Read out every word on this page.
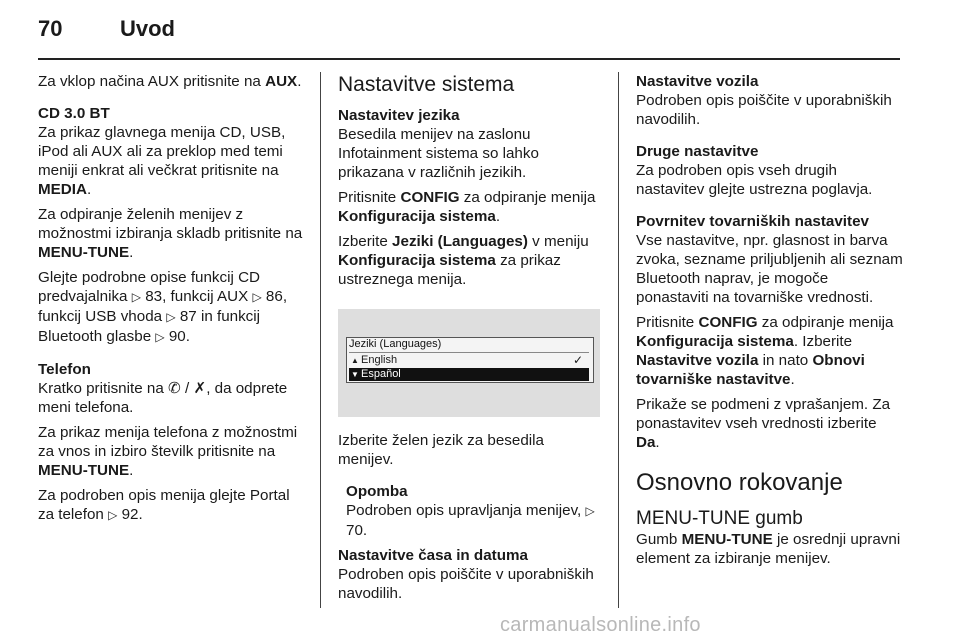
70	Uvod

Za vklop načina AUX pritisnite na AUX.

CD 3.0 BT

Za prikaz glavnega menija CD, USB, iPod ali AUX ali za preklop med temi meniji enkrat ali večkrat pritisnite na MEDIA.

Za odpiranje želenih menijev z možnostmi izbiranja skladb pritisnite na MENU-TUNE.

Glejte podrobne opise funkcij CD predvajalnika ▷ 83, funkcij AUX ▷ 86, funkcij USB vhoda ▷ 87 in funkcij Bluetooth glasbe ▷ 90.

Telefon

Kratko pritisnite na ✆ / ✗, da odprete meni telefona.

Za prikaz menija telefona z možnostmi za vnos in izbiro številk pritisnite na MENU-TUNE.

Za podroben opis menija glejte Portal za telefon ▷ 92.

Nastavitve sistema

Nastavitev jezika

Besedila menijev na zaslonu Infotainment sistema so lahko prikazana v različnih jezikih.

Pritisnite CONFIG za odpiranje menija Konfiguracija sistema.

Izberite Jeziki (Languages) v meniju Konfiguracija sistema za prikaz ustreznega menija.

Jeziki (Languages)
▲ English	✓
▼ Español

Izberite želen jezik za besedila menijev.

Opomba

Podroben opis upravljanja menijev, ▷ 70.

Nastavitve časa in datuma

Podroben opis poiščite v uporabniških navodilih.

Nastavitve vozila

Podroben opis poiščite v uporabniških navodilih.

Druge nastavitve

Za podroben opis vseh drugih nastavitev glejte ustrezna poglavja.

Povrnitev tovarniških nastavitev

Vse nastavitve, npr. glasnost in barva zvoka, sezname priljubljenih ali seznam Bluetooth naprav, je mogoče ponastaviti na tovarniške vrednosti.

Pritisnite CONFIG za odpiranje menija Konfiguracija sistema. Izberite Nastavitve vozila in nato Obnovi tovarniške nastavitve.

Prikaže se podmeni z vprašanjem. Za ponastavitev vseh vrednosti izberite Da.

Osnovno rokovanje

MENU-TUNE gumb

Gumb MENU-TUNE je osrednji upravni element za izbiranje menijev.

carmanualsonline.info
